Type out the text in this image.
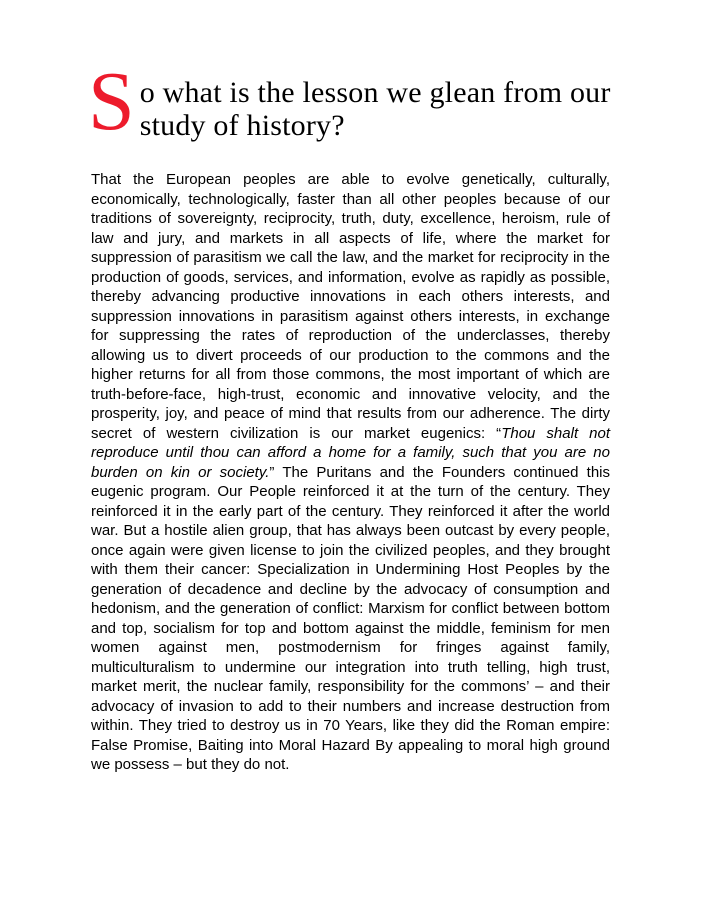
S o what is the lesson we glean from our
study of history?

That the European peoples are able to evolve genetically, culturally, economically, technologically, faster than all other peoples because of our traditions of sovereignty, reciprocity, truth, duty, excellence, heroism, rule of law and jury, and markets in all aspects of life, where the market for suppression of parasitism we call the law, and the market for reciprocity in the production of goods, services, and information, evolve as rapidly as possible, thereby advancing productive innovations in each others interests, and suppression innovations in parasitism against others interests, in exchange for suppressing the rates of reproduction of the underclasses, thereby allowing us to divert proceeds of our production to the commons and the higher returns for all from those commons, the most important of which are truth-before-face, high-trust, economic and innovative velocity, and the prosperity, joy, and peace of mind that results from our adherence. The dirty secret of western civilization is our market eugenics: “Thou shalt not reproduce until thou can afford a home for a family, such that you are no burden on kin or society.” The Puritans and the Founders continued this eugenic program. Our People reinforced it at the turn of the century. They reinforced it in the early part of the century. They reinforced it after the world war. But a hostile alien group, that has always been outcast by every people, once again were given license to join the civilized peoples, and they brought with them their cancer: Specialization in Undermining Host Peoples by the generation of decadence and decline by the advocacy of consumption and hedonism, and the generation of conflict: Marxism for conflict between bottom and top, socialism for top and bottom against the middle, feminism for men women against men, postmodernism for fringes against family, multiculturalism to undermine our integration into truth telling, high trust, market merit, the nuclear family, responsibility for the commons’ – and their advocacy of invasion to add to their numbers and increase destruction from within. They tried to destroy us in 70 Years, like they did the Roman empire: False Promise, Baiting into Moral Hazard By appealing to moral high ground we possess – but they do not.
